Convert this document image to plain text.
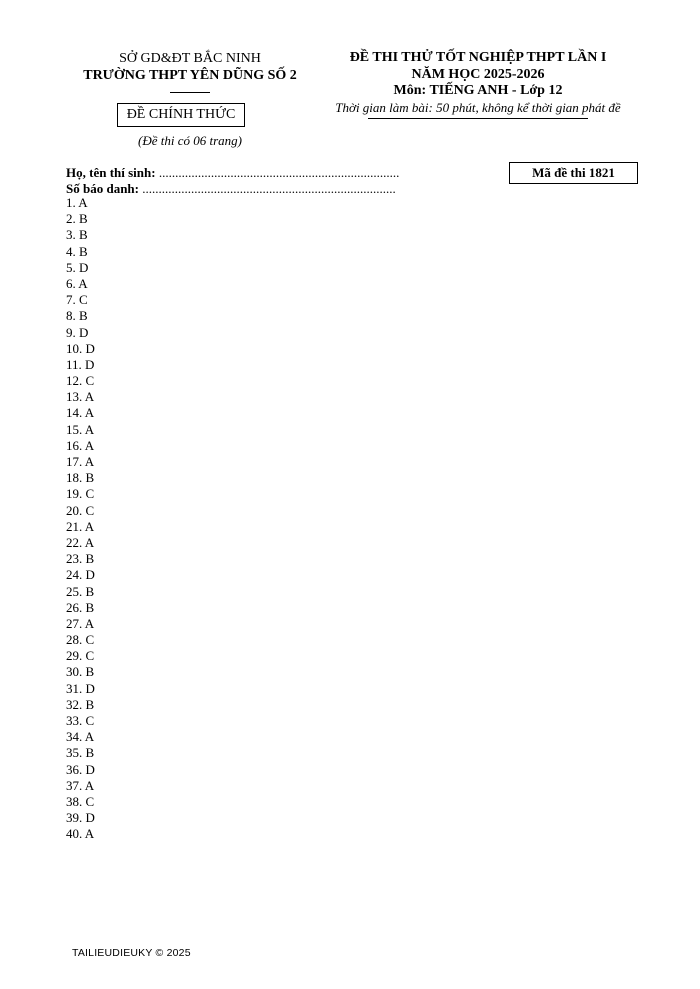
SỞ GD&ĐT BẮC NINH
TRƯỜNG THPT YÊN DŨNG SỐ 2
ĐỀ CHÍNH THỨC
(Đề thi có 06 trang)
ĐỀ THI THỬ TỐT NGHIỆP THPT LẦN I
NĂM HỌC 2025-2026
Môn: TIẾNG ANH - Lớp 12
Thời gian làm bài: 50 phút, không kể thời gian phát đề
Họ, tên thí sinh: ..........................................................................
Số báo danh: ..............................................................................
Mã đề thi 1821
1. A
2. B
3. B
4. B
5. D
6. A
7. C
8. B
9. D
10. D
11. D
12. C
13. A
14. A
15. A
16. A
17. A
18. B
19. C
20. C
21. A
22. A
23. B
24. D
25. B
26. B
27. A
28. C
29. C
30. B
31. D
32. B
33. C
34. A
35. B
36. D
37. A
38. C
39. D
40. A
TAILIEUDIEUKY © 2025
